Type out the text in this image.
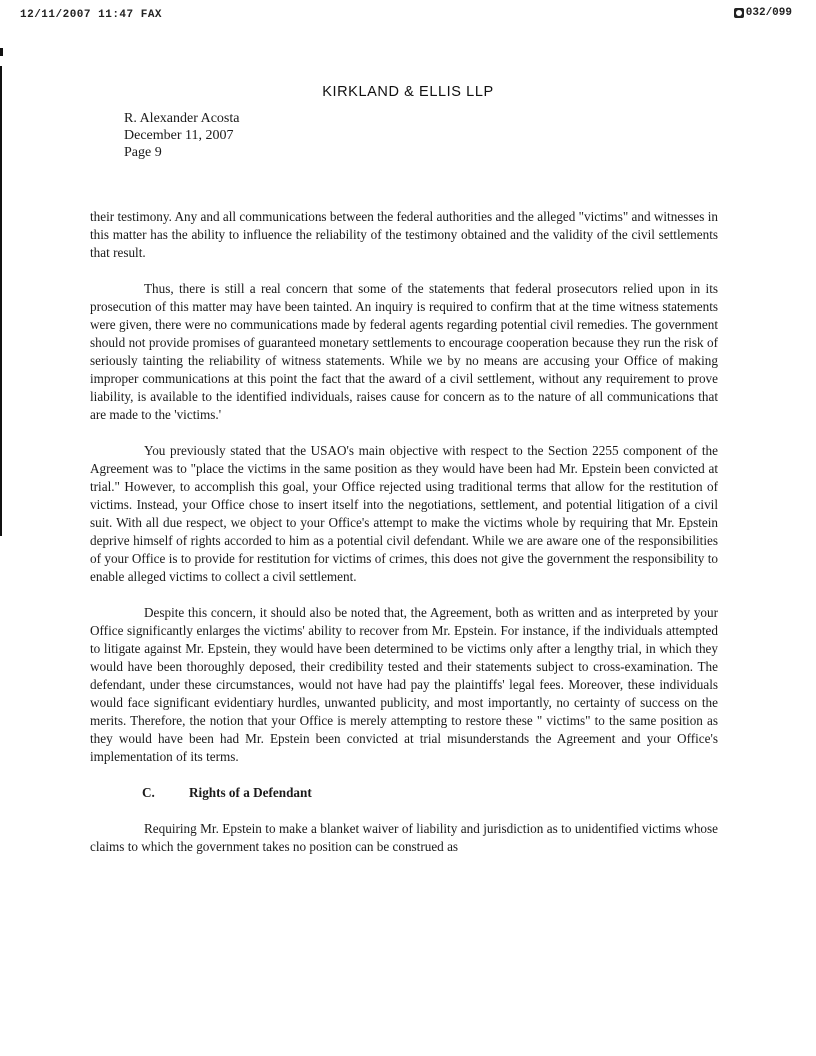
12/11/2007 11:47 FAX	032/099
KIRKLAND & ELLIS LLP
R. Alexander Acosta
December 11, 2007
Page 9

their testimony. Any and all communications between the federal authorities and the alleged "victims" and witnesses in this matter has the ability to influence the reliability of the testimony obtained and the validity of the civil settlements that result.

Thus, there is still a real concern that some of the statements that federal prosecutors relied upon in its prosecution of this matter may have been tainted. An inquiry is required to confirm that at the time witness statements were given, there were no communications made by federal agents regarding potential civil remedies. The government should not provide promises of guaranteed monetary settlements to encourage cooperation because they run the risk of seriously tainting the reliability of witness statements. While we by no means are accusing your Office of making improper communications at this point the fact that the award of a civil settlement, without any requirement to prove liability, is available to the identified individuals, raises cause for concern as to the nature of all communications that are made to the 'victims.'

You previously stated that the USAO's main objective with respect to the Section 2255 component of the Agreement was to "place the victims in the same position as they would have been had Mr. Epstein been convicted at trial." However, to accomplish this goal, your Office rejected using traditional terms that allow for the restitution of victims. Instead, your Office chose to insert itself into the negotiations, settlement, and potential litigation of a civil suit. With all due respect, we object to your Office's attempt to make the victims whole by requiring that Mr. Epstein deprive himself of rights accorded to him as a potential civil defendant. While we are aware one of the responsibilities of your Office is to provide for restitution for victims of crimes, this does not give the government the responsibility to enable alleged victims to collect a civil settlement.

Despite this concern, it should also be noted that, the Agreement, both as written and as interpreted by your Office significantly enlarges the victims' ability to recover from Mr. Epstein. For instance, if the individuals attempted to litigate against Mr. Epstein, they would have been determined to be victims only after a lengthy trial, in which they would have been thoroughly deposed, their credibility tested and their statements subject to cross-examination. The defendant, under these circumstances, would not have had pay the plaintiffs' legal fees. Moreover, these individuals would face significant evidentiary hurdles, unwanted publicity, and most importantly, no certainty of success on the merits. Therefore, the notion that your Office is merely attempting to restore these " victims" to the same position as they would have been had Mr. Epstein been convicted at trial misunderstands the Agreement and your Office's implementation of its terms.

C.	Rights of a Defendant

Requiring Mr. Epstein to make a blanket waiver of liability and jurisdiction as to unidentified victims whose claims to which the government takes no position can be construed as
